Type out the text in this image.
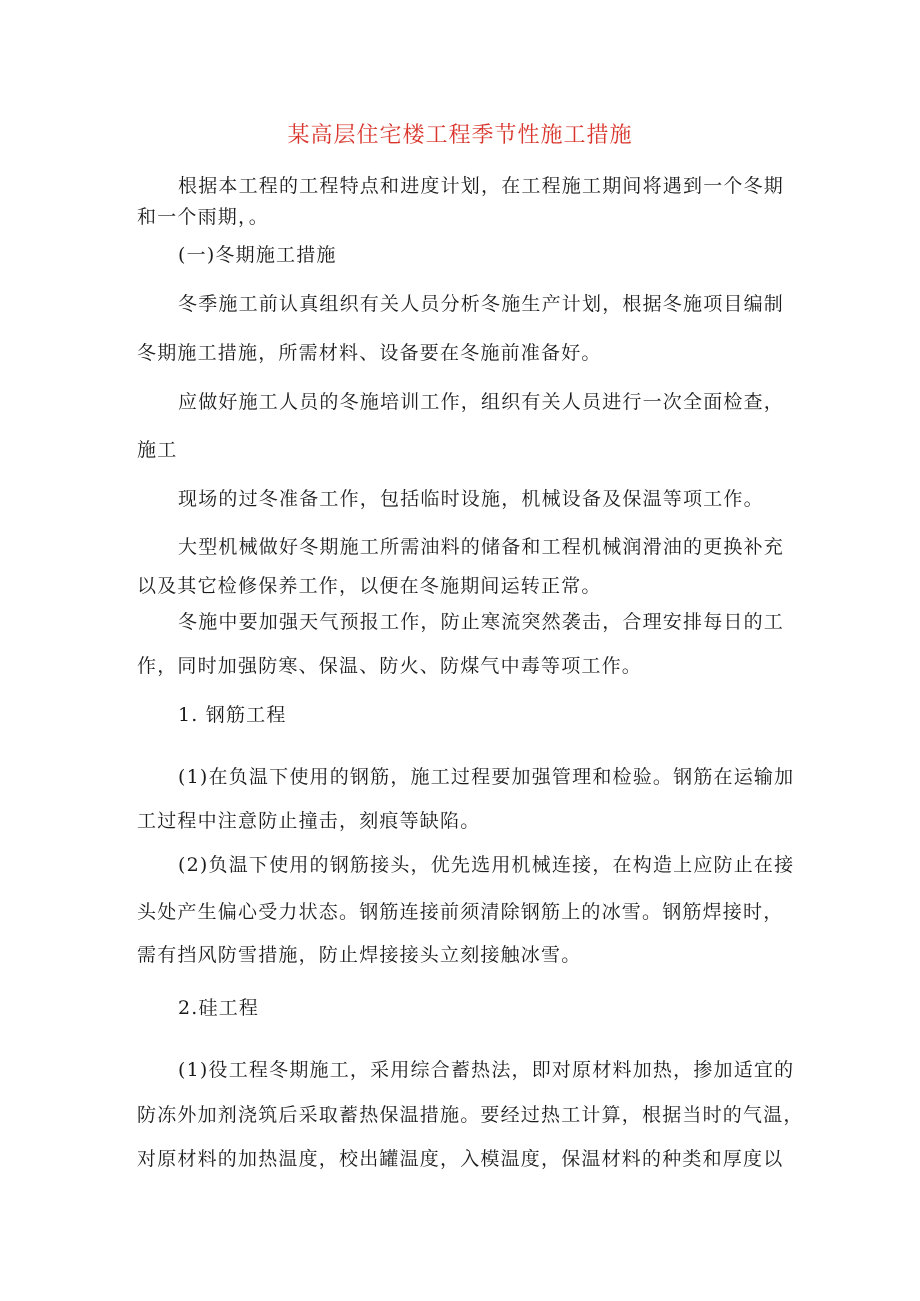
某高层住宅楼工程季节性施工措施
根据本工程的工程特点和进度计划，在工程施工期间将遇到一个冬期
和一个雨期，。
(一)冬期施工措施
冬季施工前认真组织有关人员分析冬施生产计划，根据冬施项目编制
冬期施工措施，所需材料、设备要在冬施前准备好。
应做好施工人员的冬施培训工作，组织有关人员进行一次全面检查，
施工
现场的过冬准备工作，包括临时设施，机械设备及保温等项工作。
大型机械做好冬期施工所需油料的储备和工程机械润滑油的更换补充
以及其它检修保养工作，以便在冬施期间运转正常。
冬施中要加强天气预报工作，防止寒流突然袭击，合理安排每日的工
作，同时加强防寒、保温、防火、防煤气中毒等项工作。
1. 钢筋工程
(1)在负温下使用的钢筋，施工过程要加强管理和检验。钢筋在运输加
工过程中注意防止撞击，刻痕等缺陷。
(2)负温下使用的钢筋接头，优先选用机械连接，在构造上应防止在接
头处产生偏心受力状态。钢筋连接前须清除钢筋上的冰雪。钢筋焊接时，
需有挡风防雪措施，防止焊接接头立刻接触冰雪。
2.硅工程
(1)役工程冬期施工，采用综合蓄热法，即对原材料加热，掺加适宜的
防冻外加剂浇筑后采取蓄热保温措施。要经过热工计算，根据当时的气温，
对原材料的加热温度，校出罐温度，入模温度，保温材料的种类和厚度以
